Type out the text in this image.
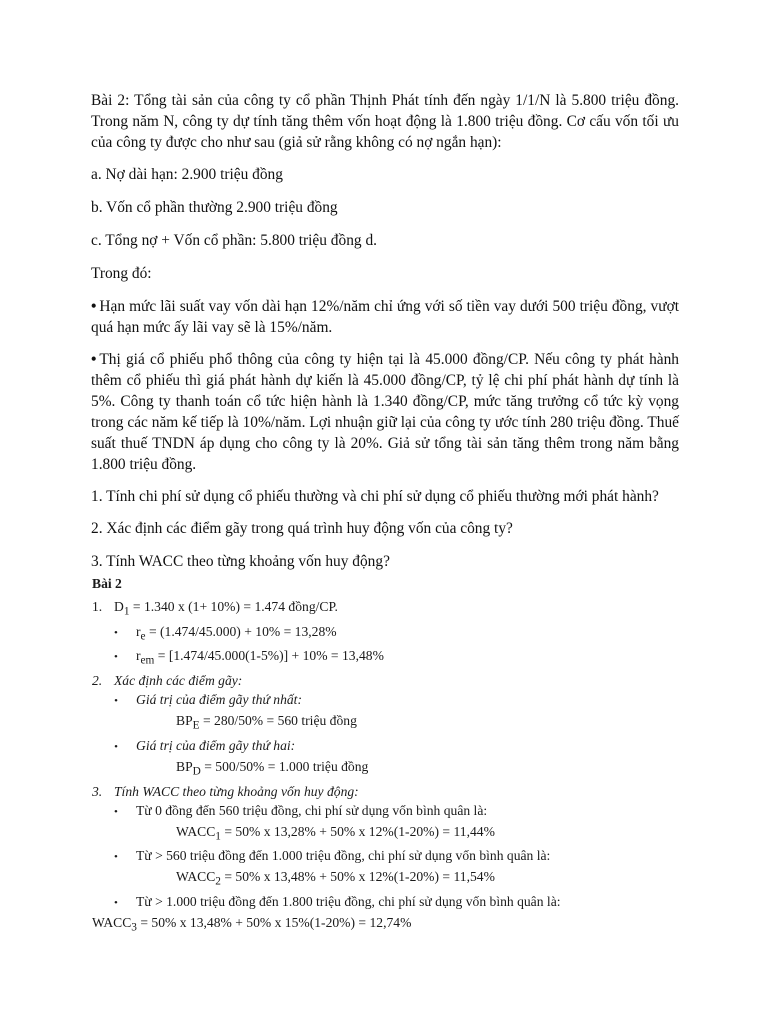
Bài 2: Tổng tài sản của công ty cổ phần Thịnh Phát tính đến ngày 1/1/N là 5.800 triệu đồng. Trong năm N, công ty dự tính tăng thêm vốn hoạt động là 1.800 triệu đồng. Cơ cấu vốn tối ưu của công ty được cho như sau (giả sử rằng không có nợ ngắn hạn):

a. Nợ dài hạn: 2.900 triệu đồng

b. Vốn cổ phần thường 2.900 triệu đồng

c. Tổng nợ + Vốn cổ phần: 5.800 triệu đồng d.

Trong đó:

• Hạn mức lãi suất vay vốn dài hạn 12%/năm chỉ ứng với số tiền vay dưới 500 triệu đồng, vượt quá hạn mức ấy lãi vay sẽ là 15%/năm.

• Thị giá cổ phiếu phổ thông của công ty hiện tại là 45.000 đồng/CP. Nếu công ty phát hành thêm cổ phiếu thì giá phát hành dự kiến là 45.000 đồng/CP, tỷ lệ chi phí phát hành dự tính là 5%. Công ty thanh toán cổ tức hiện hành là 1.340 đồng/CP, mức tăng trưởng cổ tức kỳ vọng trong các năm kế tiếp là 10%/năm. Lợi nhuận giữ lại của công ty ước tính 280 triệu đồng. Thuế suất thuế TNDN áp dụng cho công ty là 20%. Giả sử tổng tài sản tăng thêm trong năm bằng 1.800 triệu đồng.

1. Tính chi phí sử dụng cổ phiếu thường và chi phí sử dụng cổ phiếu thường mới phát hành?

2. Xác định các điểm gãy trong quá trình huy động vốn của công ty?

3. Tính WACC theo từng khoảng vốn huy động?

Bài 2

1. $D_1 = 1.340$ x (1+ 10%) = 1.474 đồng/CP.

• $r_e = (1.474/45.000) + 10\% = 13,28\%$

• $r_{em} = [1.474/45.000(1-5\%)] + 10\% = 13,48\%$

2. Xác định các điểm gãy:

• Giá trị của điểm gãy thứ nhất:

$BP_E = 280/50\% = 560$ triệu đồng

• Giá trị của điểm gãy thứ hai:

$BP_D = 500/50\% = 1.000$ triệu đồng

3. Tính WACC theo từng khoảng vốn huy động:

• Từ 0 đồng đến 560 triệu đồng, chi phí sử dụng vốn bình quân là:

$WACC_1 = 50\%$ x 13,28% + 50% x 12%(1-20%) = 11,44%

• Từ > 560 triệu đồng đến 1.000 triệu đồng, chi phí sử dụng vốn bình quân là:

$WACC_2 = 50\%$ x 13,48% + 50% x 12%(1-20%) = 11,54%

• Từ > 1.000 triệu đồng đến 1.800 triệu đồng, chi phí sử dụng vốn bình quân là:

$WACC_3 = 50\%$ x 13,48% + 50% x 15%(1-20%) = 12,74%
